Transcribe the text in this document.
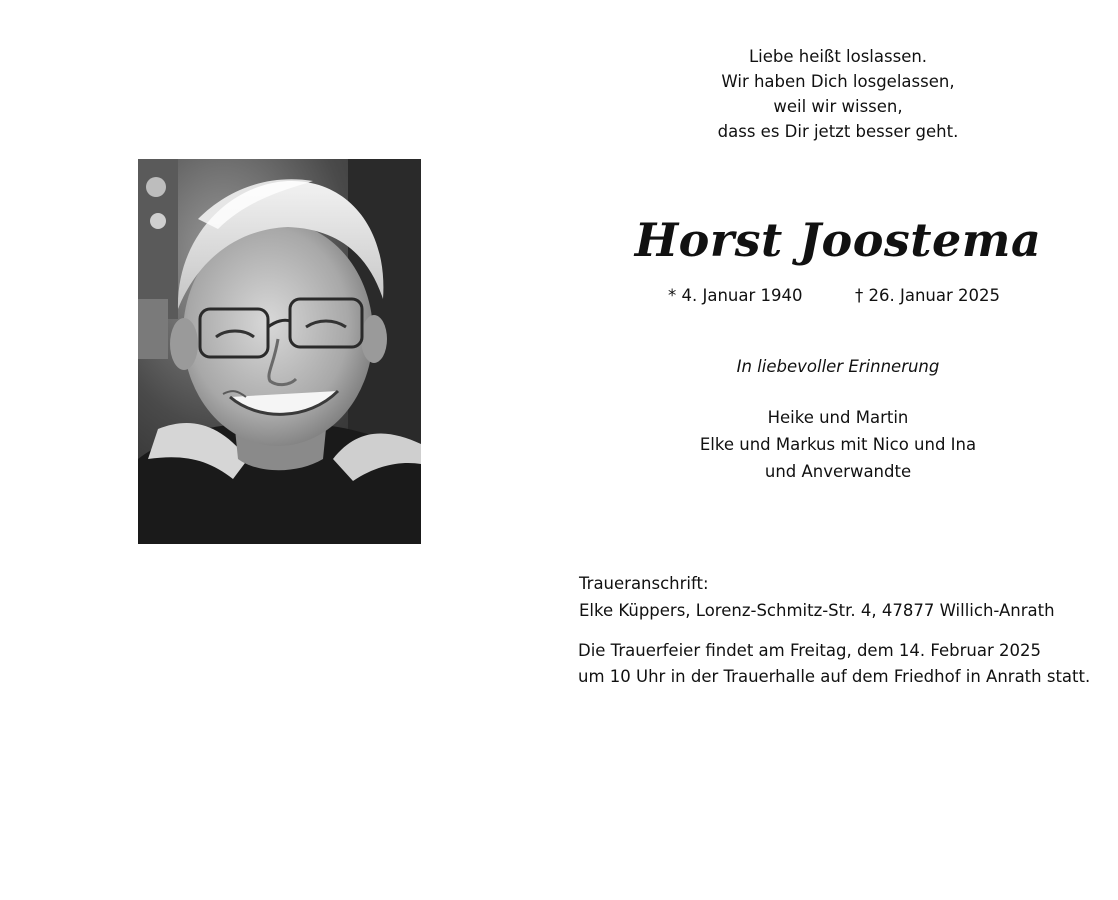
Liebe heißt loslassen.
Wir haben Dich losgelassen,
weil wir wissen,
dass es Dir jetzt besser geht.
Horst Joostema
* 4. Januar 1940	† 26. Januar 2025
In liebevoller Erinnerung
Heike und Martin
Elke und Markus mit Nico und Ina
und Anverwandte
Traueranschrift:
Elke Küppers, Lorenz-Schmitz-Str. 4, 47877 Willich-Anrath
Die Trauerfeier findet am Freitag, dem 14. Februar 2025
um 10 Uhr in der Trauerhalle auf dem Friedhof in Anrath statt.
